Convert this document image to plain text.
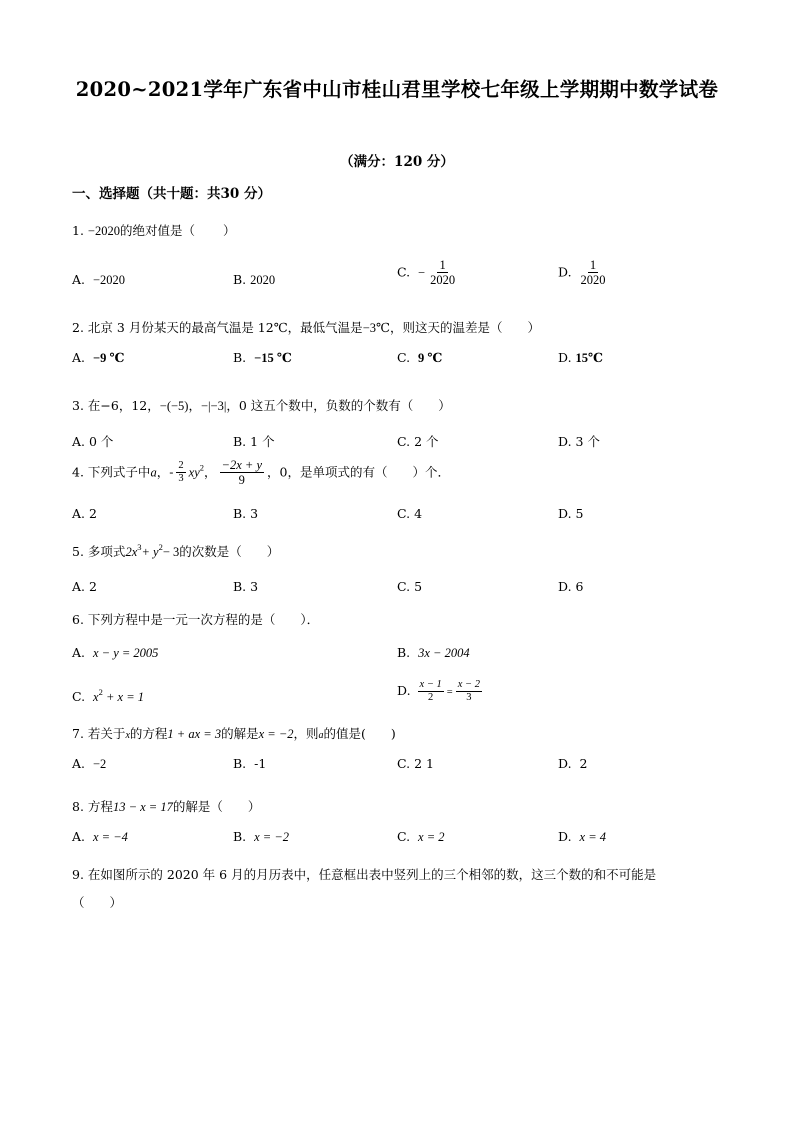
2020~2021学年广东省中山市桂山君里学校七年级上学期期中数学试卷
（满分：120 分）
一、选择题（共十题：共30 分）
1. −2020的绝对值是（ ）
A. −2020	B. 2020
C. − $\frac{1}{2020}$	D. $\frac{1}{2020}$
2. 北京 3 月份某天的最高气温是 12℃，最低气温是−3℃，则这天的温差是（　　）
A. −9 ℃	B. −15 ℃	C. 9 ℃	D. 15℃
3. 在−6，12，−(−5)，−|−3|，0 这五个数中，负数的个数有（　　）
A. 0 个	B. 1 个	C. 2 个	D. 3 个
4. 下列式子中a，- $\frac{2}{3} xy^2$， $\frac{-2x + y}{9}$ ，0，是单项式的有（　　）个．
A. 2	B. 3	C. 4	D. 5
5. 多项式$2x^3+ y^2- 3$的次数是（　　）
A. 2	B. 3	C. 5	D. 6
6. 下列方程中是一元一次方程的是（　　）．
A. x − y = 2005	B. 3x − 2004
C. $x^2 + x = 1$	D. $\frac{x - 1}{2} = \frac{x - 2}{3}$
7. 若关于x的方程1 + ax = 3的解是x = −2，则a的值是(　　)
A. −2	B. -1	C. 2 1	D. 2
8. 方程13 − x = 17的解是（　　）
A. x = −4	B. x = −2	C. x = 2	D. x = 4
9. 在如图所示的 2020 年 6 月的月历表中，任意框出表中竖列上的三个相邻的数，这三个数的和不可能是
（　　）
